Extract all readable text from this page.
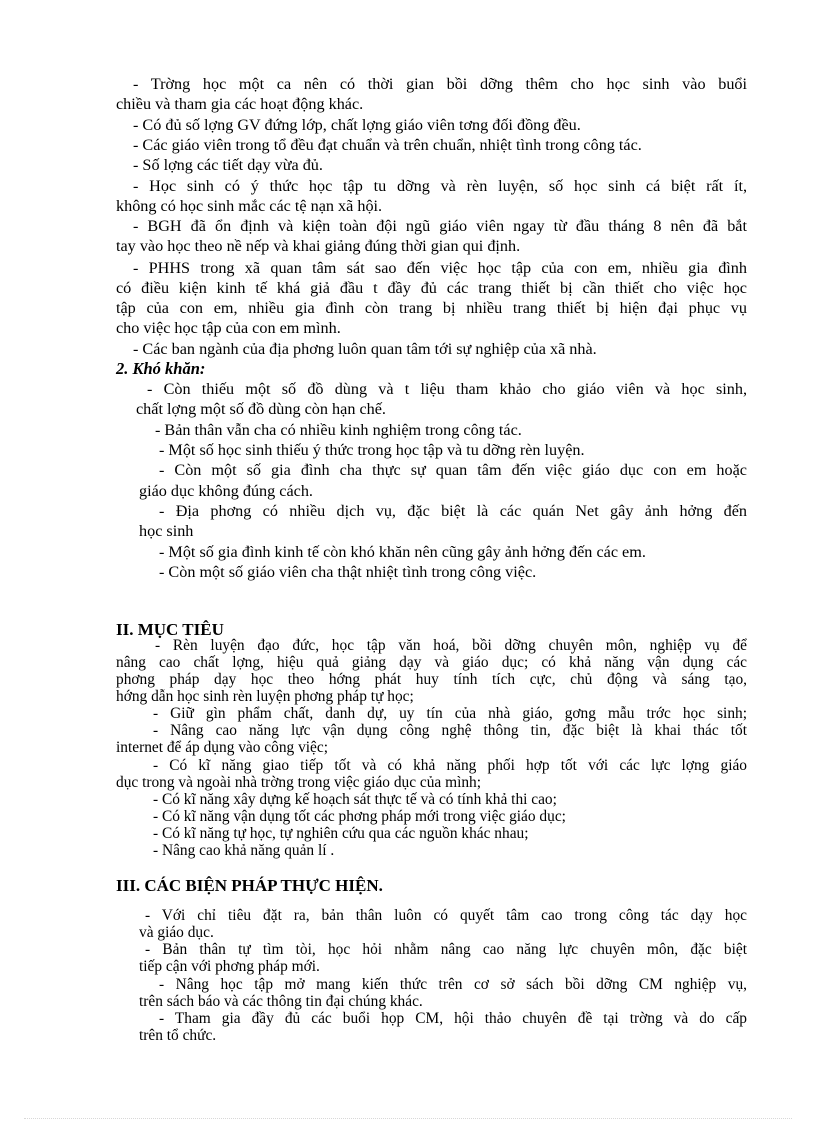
- Trờng học một ca nên có thời gian bồi dỡng thêm cho học sinh vào buổi
chiều và tham gia các hoạt động khác.
- Có đủ số lợng GV đứng lớp, chất lợng giáo viên tơng đối đồng đều.
- Các giáo viên trong tổ đều đạt chuẩn và trên chuẩn, nhiệt tình trong công tác.
- Số lợng các tiết dạy vừa đủ.
- Học sinh có ý thức học tập tu dỡng và rèn luyện, số học sinh cá biệt rất ít,
không có học sinh mắc các tệ nạn xã hội.
- BGH đã ổn định và kiện toàn đội ngũ giáo viên ngay từ đầu tháng 8 nên đã bắt
tay vào học theo nề nếp và khai giảng đúng thời gian qui định.
- PHHS trong xã quan tâm sát sao đến việc học tập của con em, nhiều gia đình
có điều kiện kinh tế khá giả đầu t đầy đủ các trang thiết bị cần thiết cho việc học
tập của con em, nhiều gia đình còn trang bị nhiều trang thiết bị hiện đại phục vụ
cho việc học tập của con em mình.
- Các ban ngành của địa phơng luôn quan tâm tới sự nghiệp của xã nhà.
2. Khó khăn:
- Còn thiếu một số đồ dùng và t liệu tham khảo cho giáo viên và học sinh,
chất lợng một số đồ dùng còn hạn chế.
- Bản thân vẫn cha có nhiều kinh nghiệm trong công tác.
- Một số học sinh thiếu ý thức trong học tập và tu dỡng rèn luyện.
- Còn một số gia đình cha thực sự quan tâm đến việc giáo dục con em hoặc
giáo dục không đúng cách.
- Địa phơng có nhiều dịch vụ, đặc biệt là các quán Net gây ảnh hởng đến
học sinh
- Một số gia đình kinh tế còn khó khăn nên cũng gây ảnh hởng đến các em.
- Còn một số giáo viên cha thật nhiệt tình trong công việc.
II. MỤC TIÊU
- Rèn luyện đạo đức, học tập văn hoá, bồi dỡng chuyên môn, nghiệp vụ để
nâng cao chất lợng, hiệu quả giảng dạy và giáo dục; có khả năng vận dụng các
phơng pháp dạy học theo hớng phát huy tính tích cực, chủ động và sáng tạo,
hớng dẫn học sinh rèn luyện phơng pháp tự học;
- Giữ gìn phẩm chất, danh dự, uy tín của nhà giáo, gơng mẫu trớc học sinh;
- Nâng cao năng lực vận dụng công nghệ thông tin, đặc biệt là khai thác tốt
internet để áp dụng vào công việc;
- Có kĩ năng giao tiếp tốt và có khả năng phối hợp tốt với các lực lợng giáo
dục trong và ngoài nhà trờng trong việc giáo dục của mình;
- Có kĩ năng xây dựng kế hoạch sát thực tế và có tính khả thi cao;
- Có kĩ năng vận dụng tốt các phơng pháp mới trong việc giáo dục;
- Có kĩ năng tự học, tự nghiên cứu qua các nguồn khác nhau;
- Nâng cao khả năng quản lí .
III. CÁC BIỆN PHÁP THỰC HIỆN.
- Với chỉ tiêu đặt ra, bản thân luôn có quyết tâm cao trong công tác dạy học
và giáo dục.
- Bản thân tự tìm tòi, học hỏi nhằm nâng cao năng lực chuyên môn, đặc biệt
tiếp cận với phơng pháp mới.
- Nâng học tập mở mang kiến thức trên cơ sở sách bồi dỡng CM nghiệp vụ,
trên sách báo và các thông tin đại chúng khác.
- Tham gia đầy đủ các buổi họp CM, hội thảo chuyên đề tại trờng và do cấp
trên tổ chức.
